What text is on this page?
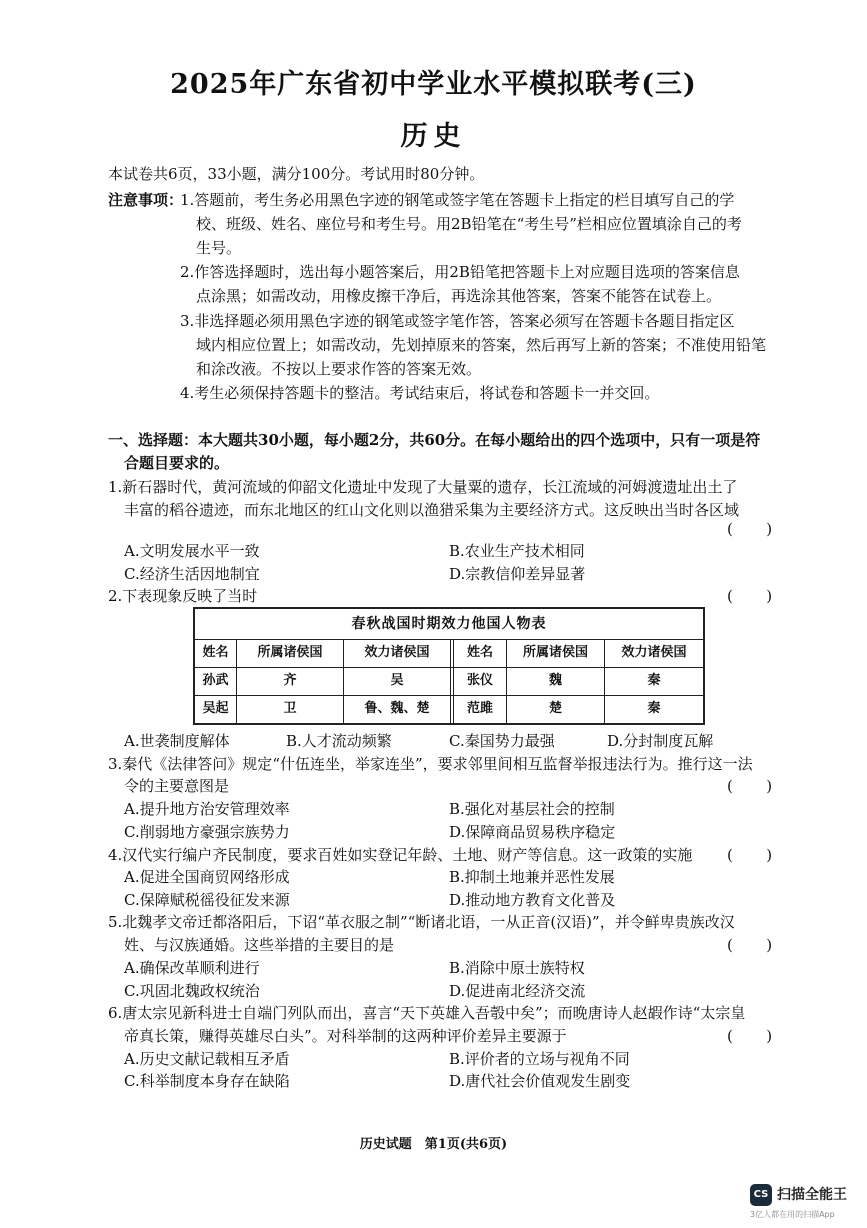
2025年广东省初中学业水平模拟联考(三)
历史
本试卷共6页，33小题，满分100分。考试用时80分钟。
注意事项：
1.答题前，考生务必用黑色字迹的钢笔或签字笔在答题卡上指定的栏目填写自己的学
校、班级、姓名、座位号和考生号。用2B铅笔在“考生号”栏相应位置填涂自己的考
生号。
2.作答选择题时，选出每小题答案后，用2B铅笔把答题卡上对应题目选项的答案信息
点涂黑；如需改动，用橡皮擦干净后，再选涂其他答案，答案不能答在试卷上。
3.非选择题必须用黑色字迹的钢笔或签字笔作答，答案必须写在答题卡各题目指定区
域内相应位置上；如需改动，先划掉原来的答案，然后再写上新的答案；不准使用铅笔
和涂改液。不按以上要求作答的答案无效。
4.考生必须保持答题卡的整洁。考试结束后，将试卷和答题卡一并交回。
一、选择题：本大题共30小题，每小题2分，共60分。在每小题给出的四个选项中，只有一项是符
合题目要求的。
1.新石器时代，黄河流域的仰韶文化遗址中发现了大量粟的遗存，长江流域的河姆渡遗址出土了
丰富的稻谷遗迹，而东北地区的红山文化则以渔猎采集为主要经济方式。这反映出当时各区域
(       )
A.文明发展水平一致	B.农业生产技术相同
C.经济生活因地制宜	D.宗教信仰差异显著
2.下表现象反映了当时	(       )
春秋战国时期效力他国人物表
姓名	所属诸侯国	效力诸侯国	姓名	所属诸侯国	效力诸侯国
孙武	齐	吴	张仪	魏	秦
吴起	卫	鲁、魏、楚	范雎	楚	秦
A.世袭制度解体	B.人才流动频繁	C.秦国势力最强	D.分封制度瓦解
3.秦代《法律答问》规定“什伍连坐，举家连坐”，要求邻里间相互监督举报违法行为。推行这一法
令的主要意图是	(       )
A.提升地方治安管理效率	B.强化对基层社会的控制
C.削弱地方豪强宗族势力	D.保障商品贸易秩序稳定
4.汉代实行编户齐民制度，要求百姓如实登记年龄、土地、财产等信息。这一政策的实施 (       )
A.促进全国商贸网络形成	B.抑制土地兼并恶性发展
C.保障赋税徭役征发来源	D.推动地方教育文化普及
5.北魏孝文帝迁都洛阳后，下诏“革衣服之制”“断诸北语，一从正音(汉语)”，并令鲜卑贵族改汉
姓、与汉族通婚。这些举措的主要目的是	(       )
A.确保改革顺利进行	B.消除中原士族特权
C.巩固北魏政权统治	D.促进南北经济交流
6.唐太宗见新科进士自端门列队而出，喜言“天下英雄入吾彀中矣”；而晚唐诗人赵嘏作诗“太宗皇
帝真长策，赚得英雄尽白头”。对科举制的这两种评价差异主要源于	(       )
A.历史文献记载相互矛盾	B.评价者的立场与视角不同
C.科举制度本身存在缺陷	D.唐代社会价值观发生剧变
历史试题　第1页(共6页)
CS 扫描全能王
3亿人都在用的扫描App
